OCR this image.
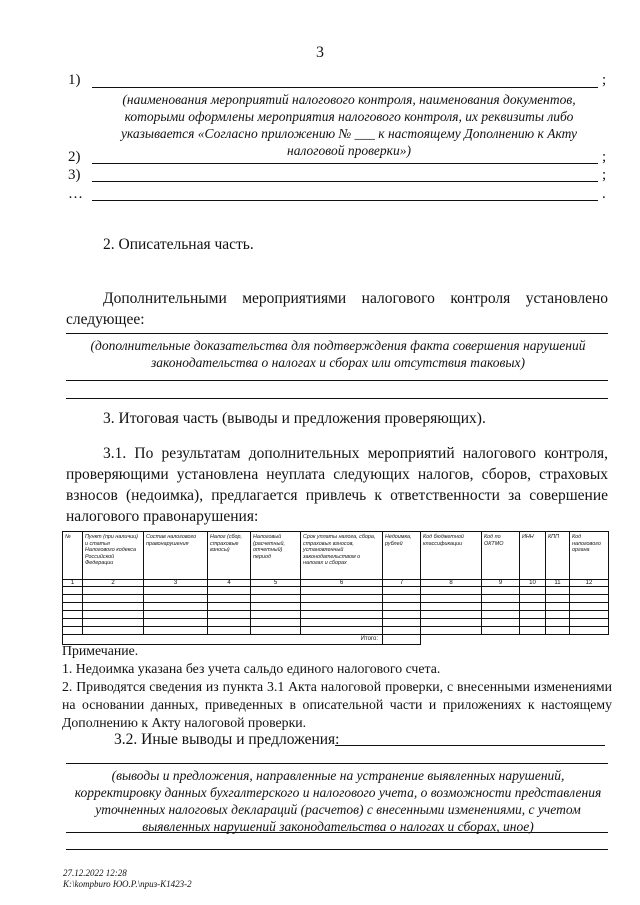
3
1)	;
(наименования мероприятий налогового контроля, наименования документов, которыми оформлены мероприятия налогового контроля, их реквизиты либо указывается «Согласно приложению № ___ к настоящему Дополнению к Акту налоговой проверки»)
2)	;
3)	;
…	.
2. Описательная часть.
Дополнительными мероприятиями налогового контроля установлено следующее:
(дополнительные доказательства для подтверждения факта совершения нарушений законодательства о налогах и сборах или отсутствия таковых)
3. Итоговая часть (выводы и предложения проверяющих).
3.1. По результатам дополнительных мероприятий налогового контроля, проверяющими установлена неуплата следующих налогов, сборов, страховых взносов (недоимка), предлагается привлечь к ответственности за совершение налогового правонарушения:
№	Пункт (при наличии) и статья Налогового кодекса Российской Федерации	Состав налогового правонарушения	Налог (сбор, страховые взносы)	Налоговый (расчетный, отчетный) период	Срок уплаты налога, сбора, страховых взносов, установленный законодательством о налогах и сборах	Недоимка, рублей	Код бюджетной классификации	Код по ОКТМО	ИНН	КПП	Код налогового органа
1	2	3	4	5	6	7	8	9	10	11	12

Итого:											
Примечание.
1. Недоимка указана без учета сальдо единого налогового счета.
2. Приводятся сведения из пункта 3.1 Акта налоговой проверки, с внесенными изменениями на основании данных, приведенных в описательной части и приложениях к настоящему Дополнению к Акту налоговой проверки.
3.2. Иные выводы и предложения:
(выводы и предложения, направленные на устранение выявленных нарушений, корректировку данных бухгалтерского и налогового учета, о возможности представления уточненных налоговых деклараций (расчетов) с внесенными изменениями, с учетом выявленных нарушений законодательства о налогах и сборах, иное)
27.12.2022 12:28
К:\kompburo ЮО.Р.\приз-К1423-2
